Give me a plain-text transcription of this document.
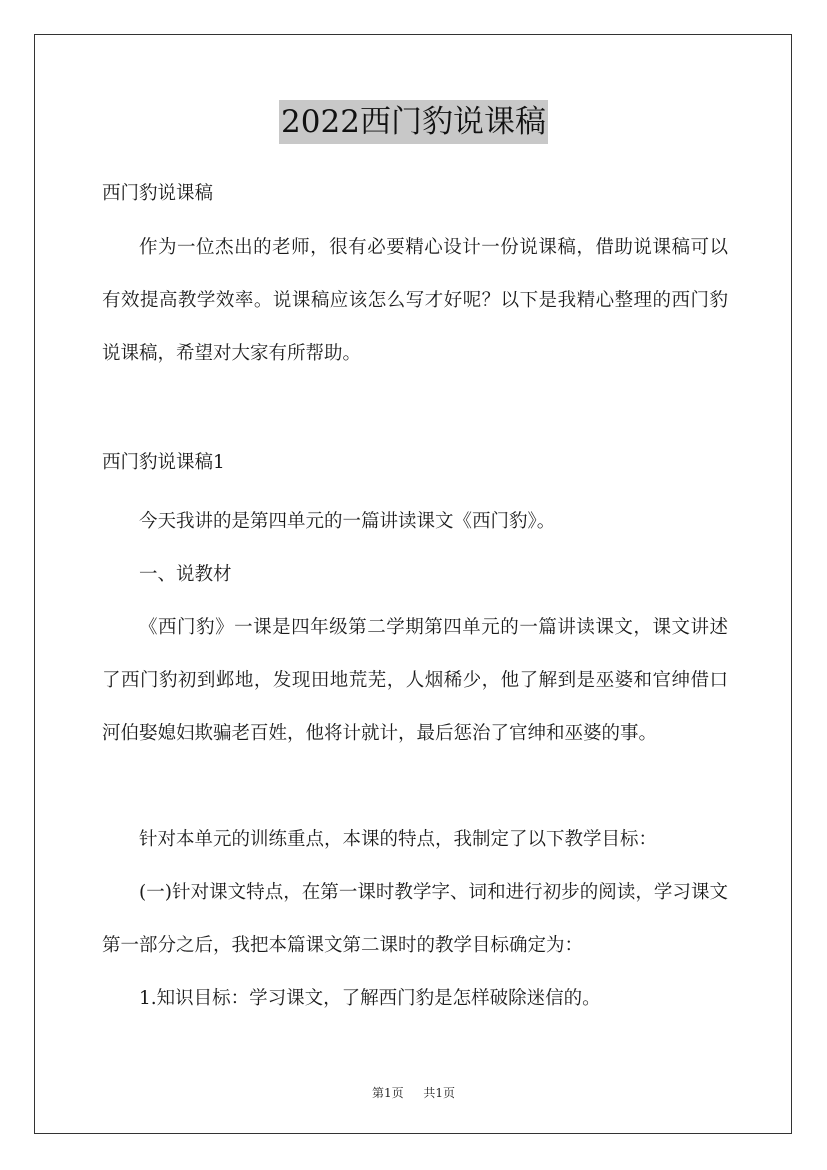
2022西门豹说课稿
西门豹说课稿
作为一位杰出的老师，很有必要精心设计一份说课稿，借助说课稿可以有效提高教学效率。说课稿应该怎么写才好呢？以下是我精心整理的西门豹说课稿，希望对大家有所帮助。
西门豹说课稿1
今天我讲的是第四单元的一篇讲读课文《西门豹》。
一、说教材
《西门豹》一课是四年级第二学期第四单元的一篇讲读课文，课文讲述了西门豹初到邺地，发现田地荒芜，人烟稀少，他了解到是巫婆和官绅借口河伯娶媳妇欺骗老百姓，他将计就计，最后惩治了官绅和巫婆的事。
针对本单元的训练重点，本课的特点，我制定了以下教学目标：
(一)针对课文特点，在第一课时教学字、词和进行初步的阅读，学习课文第一部分之后，我把本篇课文第二课时的教学目标确定为：
1.知识目标：学习课文，了解西门豹是怎样破除迷信的。
第1页 共1页
